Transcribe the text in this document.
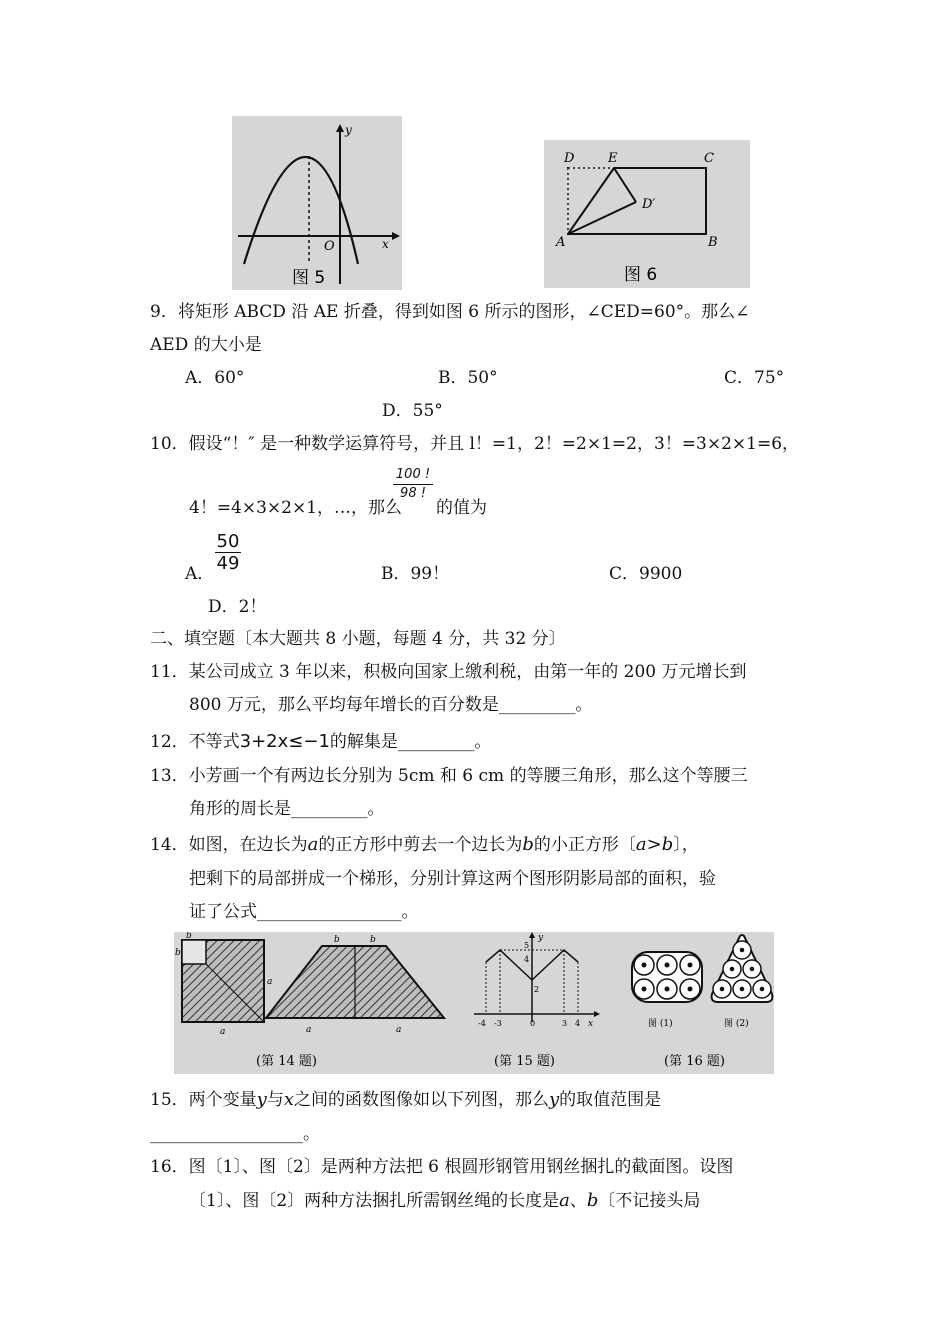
y
x
O
图 5
D	E	C
D′
A	B
图 6
9．将矩形 ABCD 沿 AE 折叠，得到如图 6 所示的图形，∠CED=60°。那么∠
AED 的大小是
A．60°	B．50°	C．75°
D．55°
10．假设“！″ 是一种数学运算符号，并且 l！=1，2！=2×1=2，3！=3×2×1=6，
4！=4×3×2×1，…，那么
$\frac{100 !}{98 !}$
的值为
A． $\frac{50}{49}$	B．99！	C．9900
D．2！
二、填空题〔本大题共 8 小题，每题 4 分，共 32 分〕
11．某公司成立 3 年以来，积极向国家上缴利税，由第一年的 200 万元增长到
800 万元，那么平均每年增长的百分数是_________。
12．不等式3+2x≤−1的解集是_________。
13．小芳画一个有两边长分别为 5cm 和 6 cm 的等腰三角形，那么这个等腰三
角形的周长是_________。
14．如图，在边长为a的正方形中剪去一个边长为b的小正方形〔a>b〕，
把剩下的局部拼成一个梯形，分别计算这两个图形阴影局部的面积，验
证了公式_________________。
b
b
a
a
b	b
a	a
y
x
5
4
2
-4 -3	0	3 4	图 (1)	图 (2)
(第 14 题)	(第 15 题)	(第 16 题)
15．两个变量y与x之间的函数图像如以下列图，那么y的取值范围是
__________________。
16．图〔1〕、图〔2〕是两种方法把 6 根圆形钢管用钢丝捆扎的截面图。设图
〔1〕、图〔2〕两种方法捆扎所需钢丝绳的长度是a、b〔不记接头局
